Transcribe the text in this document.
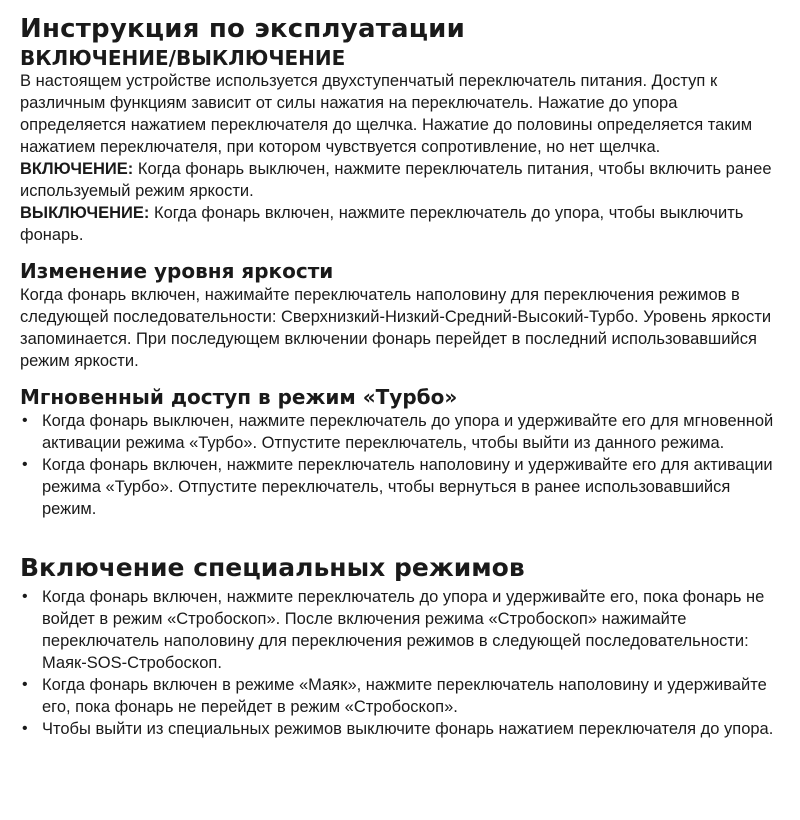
Инструкция по эксплуатации
ВКЛЮЧЕНИЕ/ВЫКЛЮЧЕНИЕ

В настоящем устройстве используется двухступенчатый переключатель питания. Доступ к различным функциям зависит от силы нажатия на переключатель. Нажатие до упора определяется нажатием переключателя до щелчка. Нажатие до половины определяется таким нажатием переключателя, при котором чувствуется сопротивление, но нет щелчка.

ВКЛЮЧЕНИЕ: Когда фонарь выключен, нажмите переключатель питания, чтобы включить ранее используемый режим яркости.

ВЫКЛЮЧЕНИЕ: Когда фонарь включен, нажмите переключатель до упора, чтобы выключить фонарь.

Изменение уровня яркости

Когда фонарь включен, нажимайте переключатель наполовину для переключения режимов в следующей последовательности: Сверхнизкий-Низкий-Средний-Высокий-Турбо. Уровень яркости запоминается. При последующем включении фонарь перейдет в последний использовавшийся режим яркости.

Мгновенный доступ в режим «Турбо»
• Когда фонарь выключен, нажмите переключатель до упора и удерживайте его для мгновенной активации режима «Турбо». Отпустите переключатель, чтобы выйти из данного режима.
• Когда фонарь включен, нажмите переключатель наполовину и удерживайте его для активации режима «Турбо». Отпустите переключатель, чтобы вернуться в ранее использовавшийся режим.
Включение специальных режимов
• Когда фонарь включен, нажмите переключатель до упора и удерживайте его, пока фонарь не войдет в режим «Стробоскоп». После включения режима «Стробоскоп» нажимайте переключатель наполовину для переключения режимов в следующей последовательности: Маяк-SOS-Стробоскоп.
• Когда фонарь включен в режиме «Маяк», нажмите переключатель наполовину и удерживайте его, пока фонарь не перейдет в режим «Стробоскоп».
• Чтобы выйти из специальных режимов выключите фонарь нажатием переключателя до упора.
